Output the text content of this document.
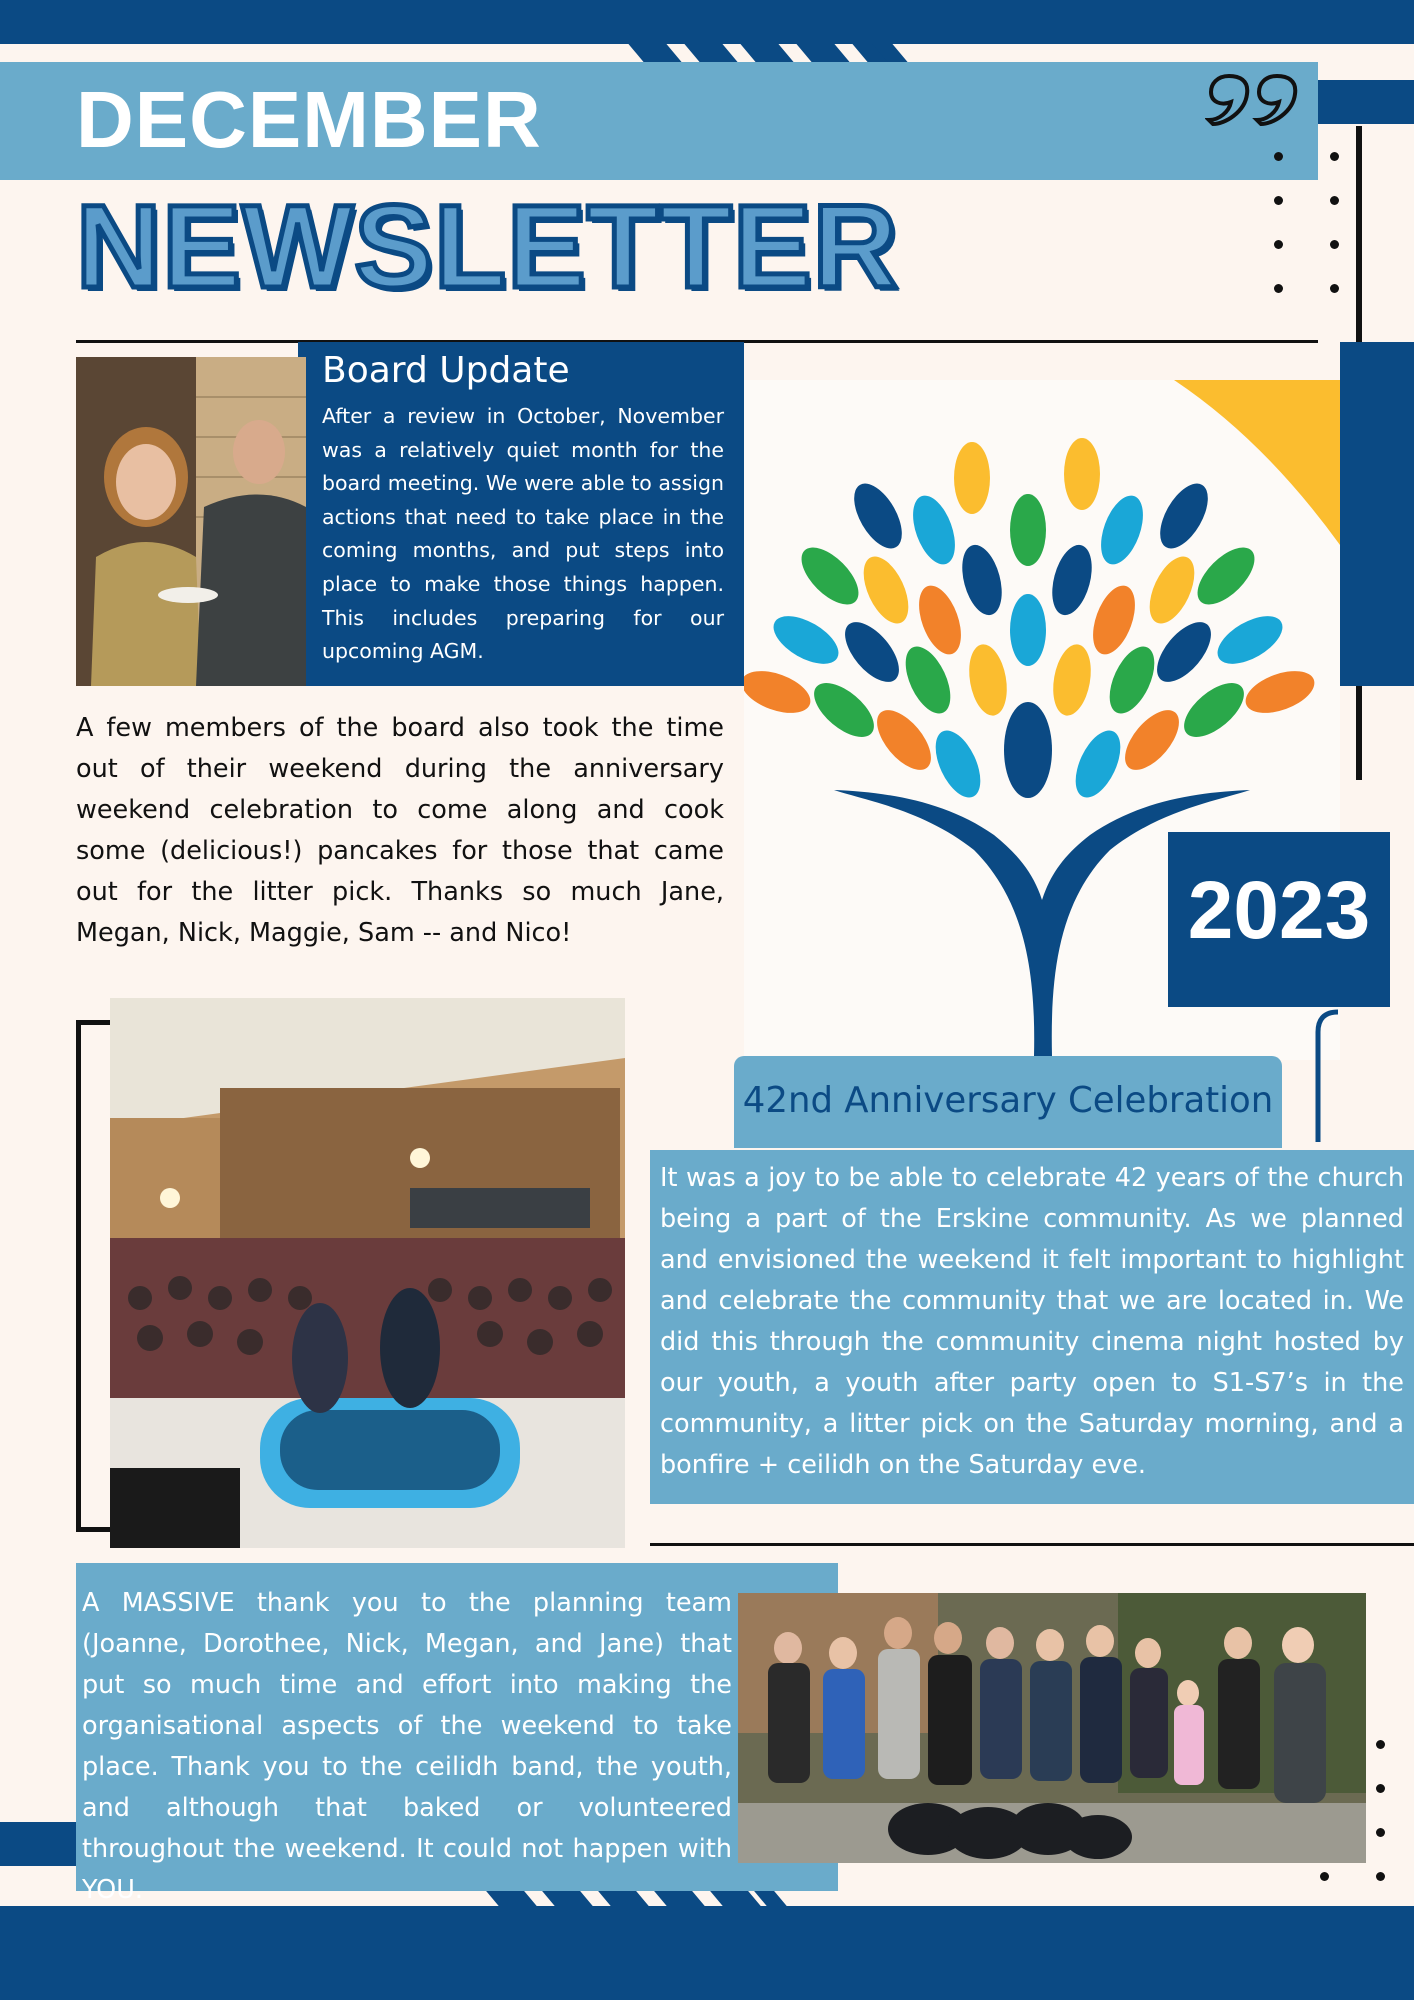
DECEMBER
NEWSLETTER
Board Update
After a review in October, November was a relatively quiet month for the board meeting. We were able to assign actions that need to take place in the coming months, and put steps into place to make those things happen. This includes preparing for our upcoming AGM.
2023
A few members of the board also took the time out of their weekend during the anniversary weekend celebration to come along and cook some (delicious!) pancakes for those that came out for the litter pick. Thanks so much Jane, Megan, Nick, Maggie, Sam -- and Nico!
42nd Anniversary Celebration
It was a joy to be able to celebrate 42 years of the church being a part of the Erskine community. As we planned and envisioned the weekend it felt important to highlight and celebrate the community that we are located in. We did this through the community cinema night hosted by our youth, a youth after party open to S1-S7’s in the community, a litter pick on the Saturday morning, and a bonfire + ceilidh on the Saturday eve.
A MASSIVE thank you to the planning team (Joanne, Dorothee, Nick, Megan, and Jane) that put so much time and effort into making the organisational aspects of the weekend to take place. Thank you to the ceilidh band, the youth, and although that baked or volunteered throughout the weekend. It could not happen with YOU.
